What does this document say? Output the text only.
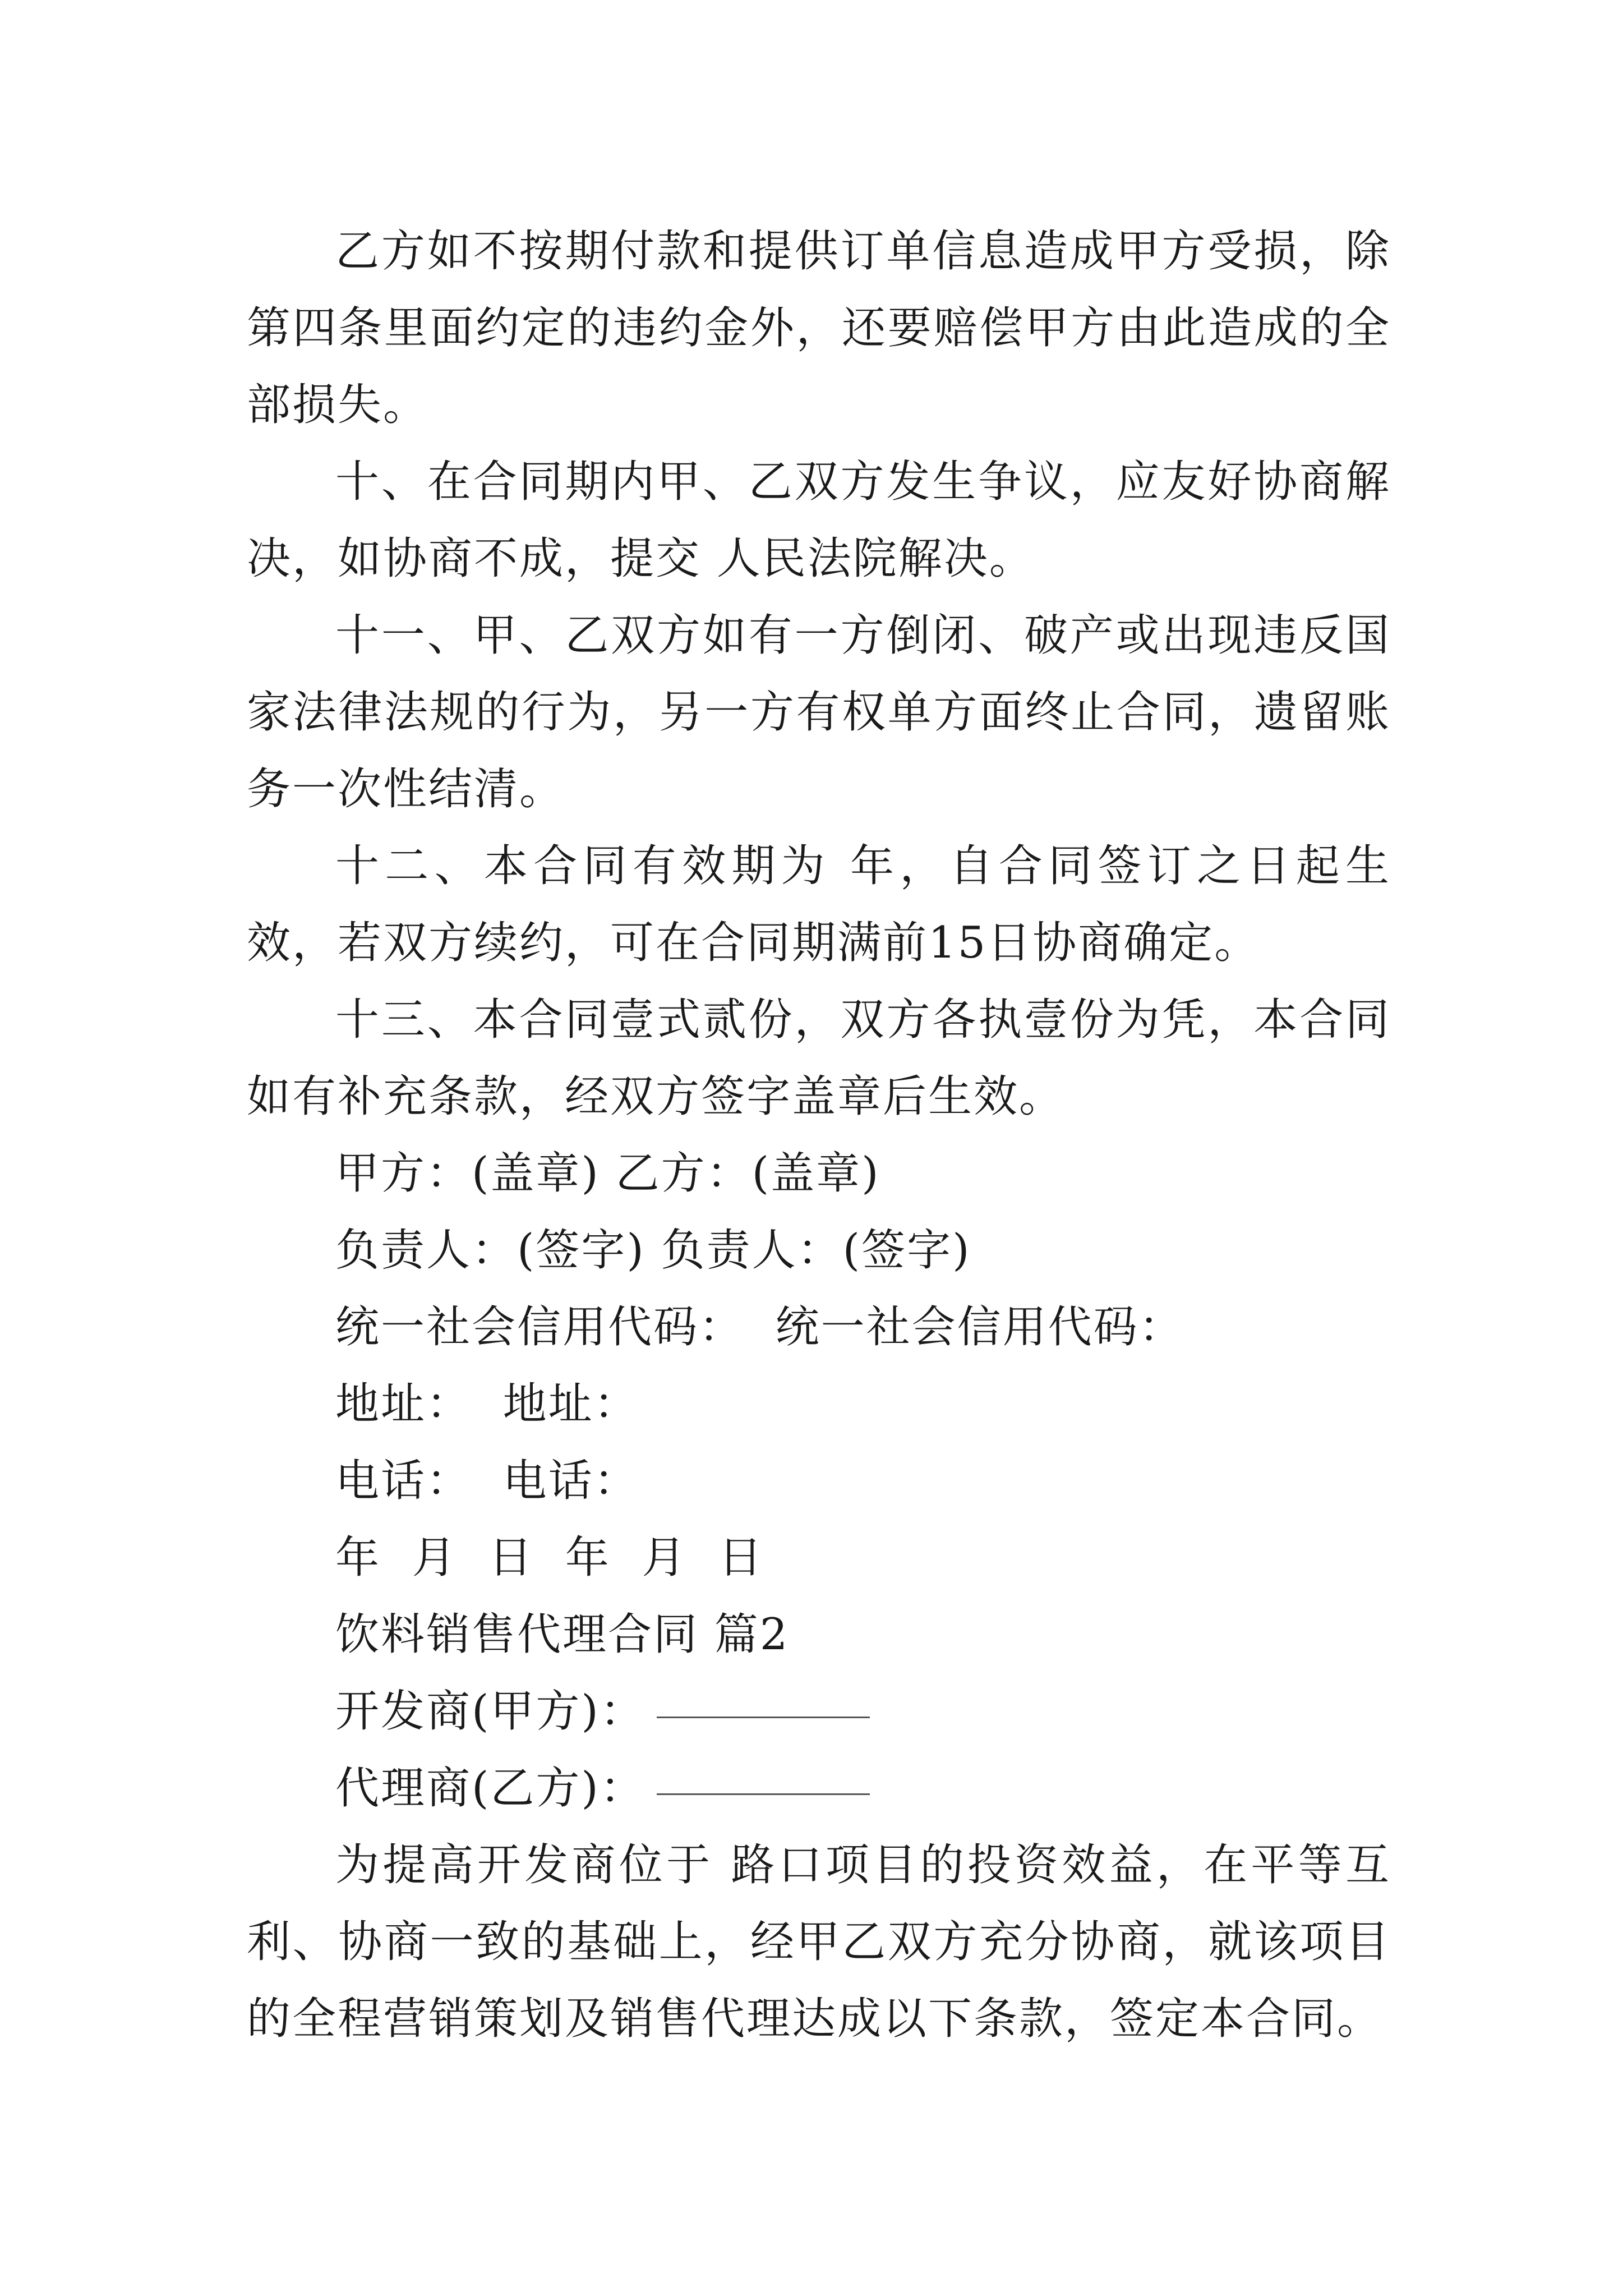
乙方如不按期付款和提供订单信息造成甲方受损，除第四条里面约定的违约金外，还要赔偿甲方由此造成的全部损失。

十、在合同期内甲、乙双方发生争议，应友好协商解决，如协商不成，提交 人民法院解决。

十一、甲、乙双方如有一方倒闭、破产或出现违反国家法律法规的行为，另一方有权单方面终止合同，遗留账务一次性结清。

十二、本合同有效期为 年，自合同签订之日起生效，若双方续约，可在合同期满前15日协商确定。

十三、本合同壹式贰份，双方各执壹份为凭，本合同如有补充条款，经双方签字盖章后生效。

甲方：(盖章) 乙方：(盖章)

负责人：(签字) 负责人：(签字)

统一社会信用代码：  统一社会信用代码：

地址：  地址：

电话：  电话：

年  月  日  年  月  日

饮料销售代理合同 篇2

开发商(甲方)：

代理商(乙方)：

为提高开发商位于 路口项目的投资效益，在平等互利、协商一致的基础上，经甲乙双方充分协商，就该项目的全程营销策划及销售代理达成以下条款，签定本合同。
